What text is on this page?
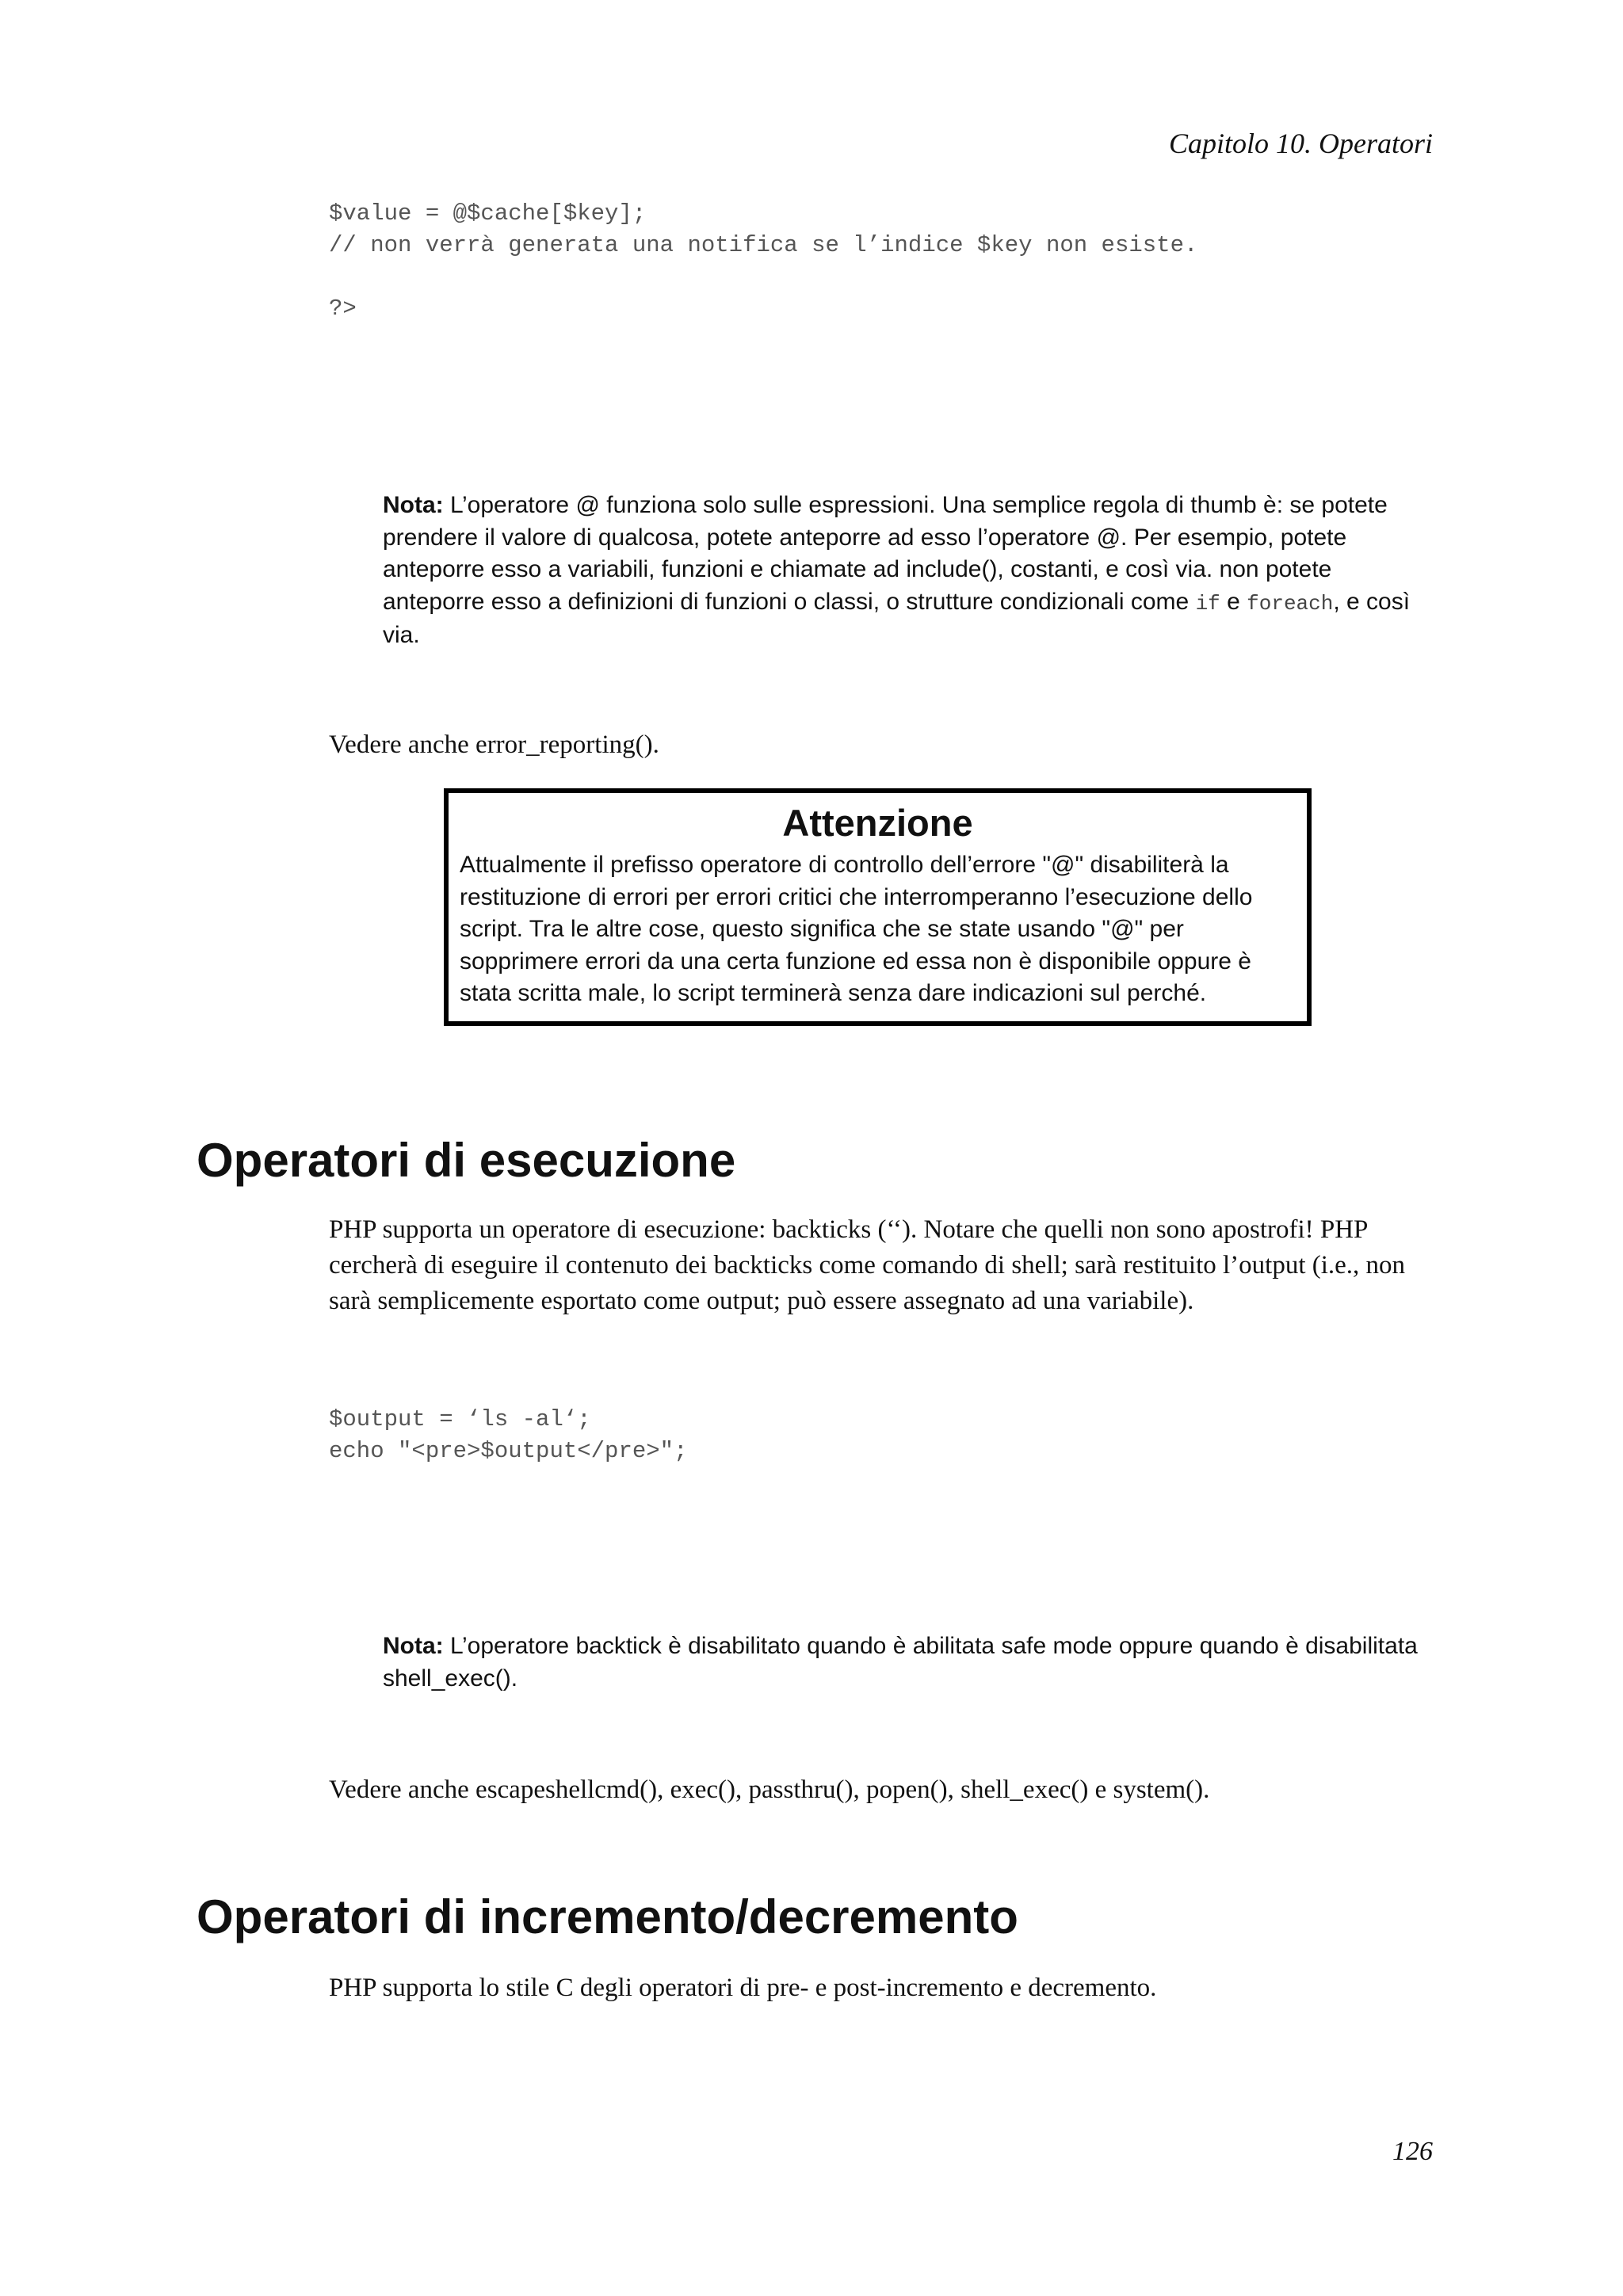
Capitolo 10. Operatori
$value = @$cache[$key];
// non verrà generata una notifica se l’indice $key non esiste.
?>
Nota: L’operatore @ funziona solo sulle espressioni. Una semplice regola di thumb è: se potete prendere il valore di qualcosa, potete anteporre ad esso l’operatore @. Per esempio, potete anteporre esso a variabili, funzioni e chiamate ad include(), costanti, e così via. non potete anteporre esso a definizioni di funzioni o classi, o strutture condizionali come if e foreach, e così via.
Vedere anche error_reporting().
Attenzione
Attualmente il prefisso operatore di controllo dell’errore "@" disabiliterà la restituzione di errori per errori critici che interromperanno l’esecuzione dello script. Tra le altre cose, questo significa che se state usando "@" per sopprimere errori da una certa funzione ed essa non è disponibile oppure è stata scritta male, lo script terminerà senza dare indicazioni sul perché.
Operatori di esecuzione
PHP supporta un operatore di esecuzione: backticks (‘‘). Notare che quelli non sono apostrofi! PHP cercherà di eseguire il contenuto dei backticks come comando di shell; sarà restituito l’output (i.e., non sarà semplicemente esportato come output; può essere assegnato ad una variabile).
$output = ‘ls -al‘;
echo "<pre>$output</pre>";
Nota: L’operatore backtick è disabilitato quando è abilitata safe mode oppure quando è disabilitata shell_exec().
Vedere anche escapeshellcmd(), exec(), passthru(), popen(), shell_exec() e system().
Operatori di incremento/decremento
PHP supporta lo stile C degli operatori di pre- e post-incremento e decremento.
126
